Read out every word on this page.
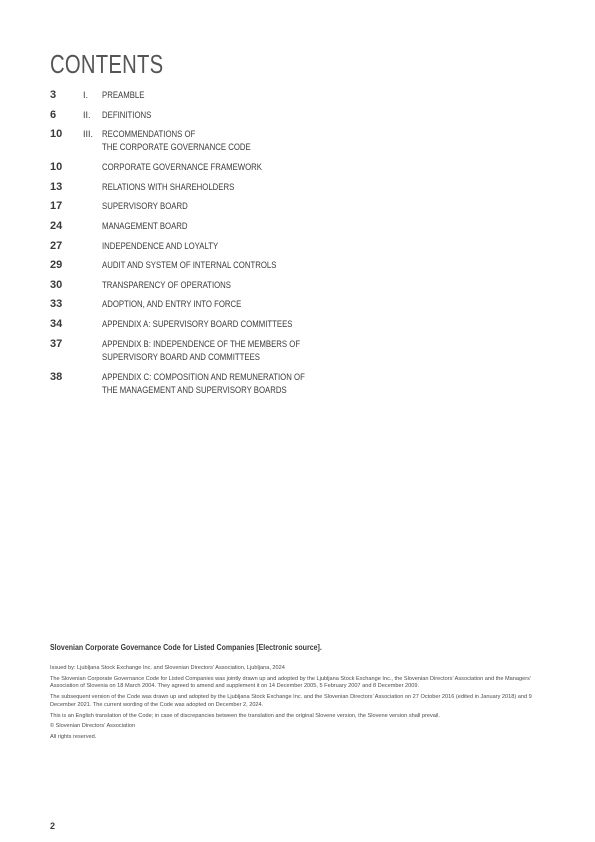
CONTENTS
3	I.	PREAMBLE
6	II.	DEFINITIONS
10	III. RECOMMENDATIONS OF
THE CORPORATE GOVERNANCE CODE
10	CORPORATE GOVERNANCE FRAMEWORK
13	RELATIONS WITH SHAREHOLDERS
17	SUPERVISORY BOARD
24	MANAGEMENT BOARD
27	INDEPENDENCE AND LOYALTY
29	AUDIT AND SYSTEM OF INTERNAL CONTROLS
30	TRANSPARENCY OF OPERATIONS
33	ADOPTION, AND ENTRY INTO FORCE
34	APPENDIX A: SUPERVISORY BOARD COMMITTEES
37	APPENDIX B: INDEPENDENCE OF THE MEMBERS OF
SUPERVISORY BOARD AND COMMITTEES
38	APPENDIX C: COMPOSITION AND REMUNERATION OF
THE MANAGEMENT AND SUPERVISORY BOARDS
Slovenian Corporate Governance Code for Listed Companies [Electronic source].

Issued by: Ljubljana Stock Exchange Inc. and Slovenian Directors’ Association, Ljubljana, 2024

The Slovenian Corporate Governance Code for Listed Companies was jointly drawn up and adopted by the Ljubljana Stock Exchange Inc., the Slovenian Directors’ Association and the Managers’ Association of Slovenia on 18 March 2004. They agreed to amend and supplement it on 14 December 2005, 5 February 2007 and 8 December 2009.

The subsequent version of the Code was drawn up and adopted by the Ljubljana Stock Exchange Inc. and the Slovenian Directors’ Association on 27 October 2016 (edited in January 2018) and 9 December 2021. The current wording of the Code was adopted on December 2, 2024.

This is an English translation of the Code; in case of discrepancies between the translation and the original Slovene version, the Slovene version shall prevail.

© Slovenian Directors’ Association

All rights reserved.

2
